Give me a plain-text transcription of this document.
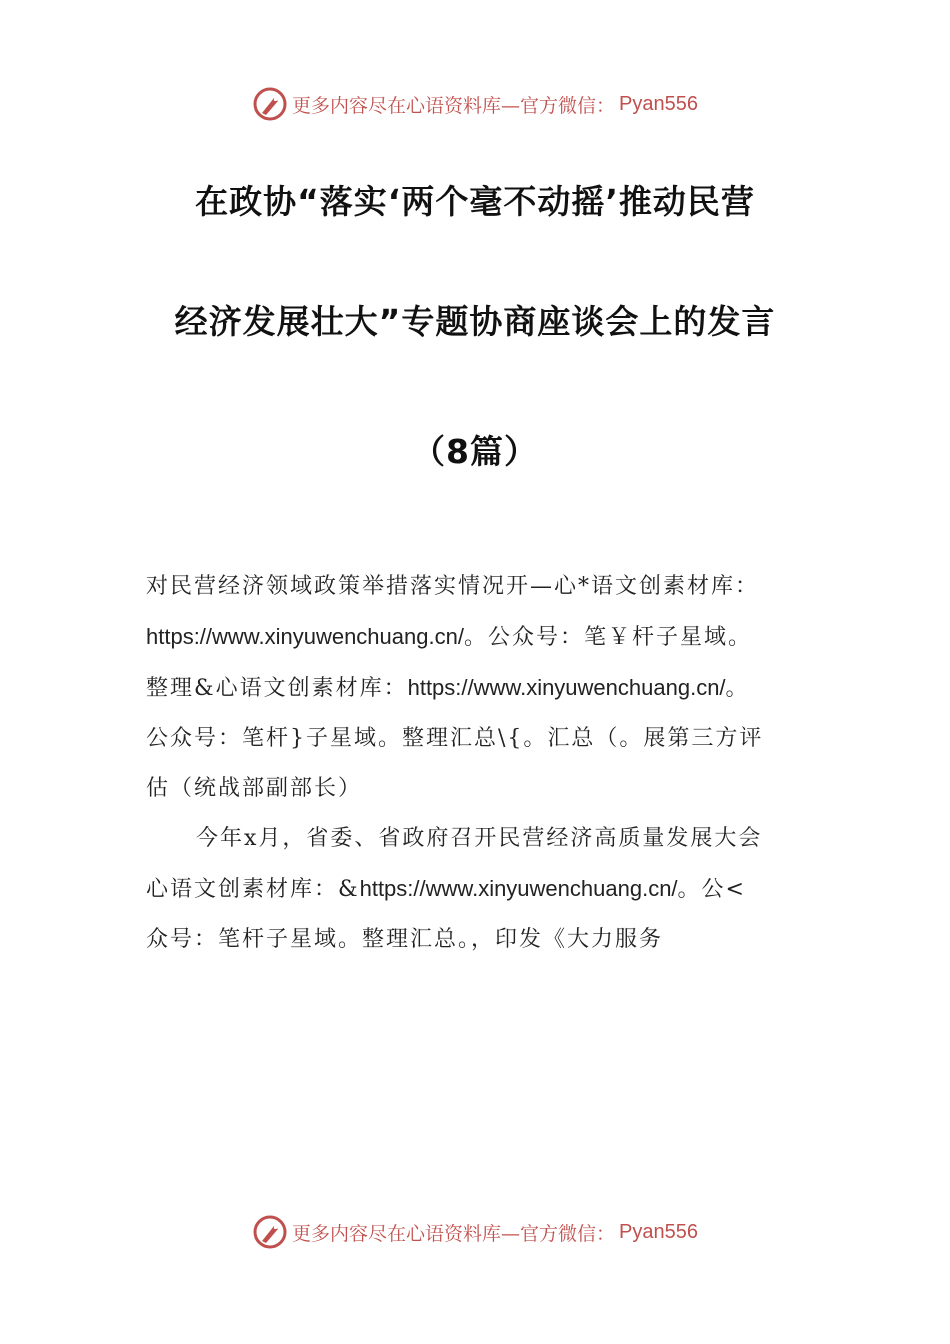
更多内容尽在心语资料库—官方微信： Pyan556
在政协“落实‘两个毫不动摇’推动民营
经济发展壮大”专题协商座谈会上的发言
（8篇）

对民营经济领域政策举措落实情况开—心*语文创素材库：

https://www.xinyuwenchuang.cn/。公众号：笔￥杆子星域。

整理&心语文创素材库：https://www.xinyuwenchuang.cn/。

公众号：笔杆}子星域。整理汇总\{。汇总（。展第三方评

估（统战部副部长）

今年x月，省委、省政府召开民营经济高质量发展大会

心语文创素材库：&https://www.xinyuwenchuang.cn/。公<

众号：笔杆子星域。整理汇总。，印发《大力服务

更多内容尽在心语资料库—官方微信： Pyan556
